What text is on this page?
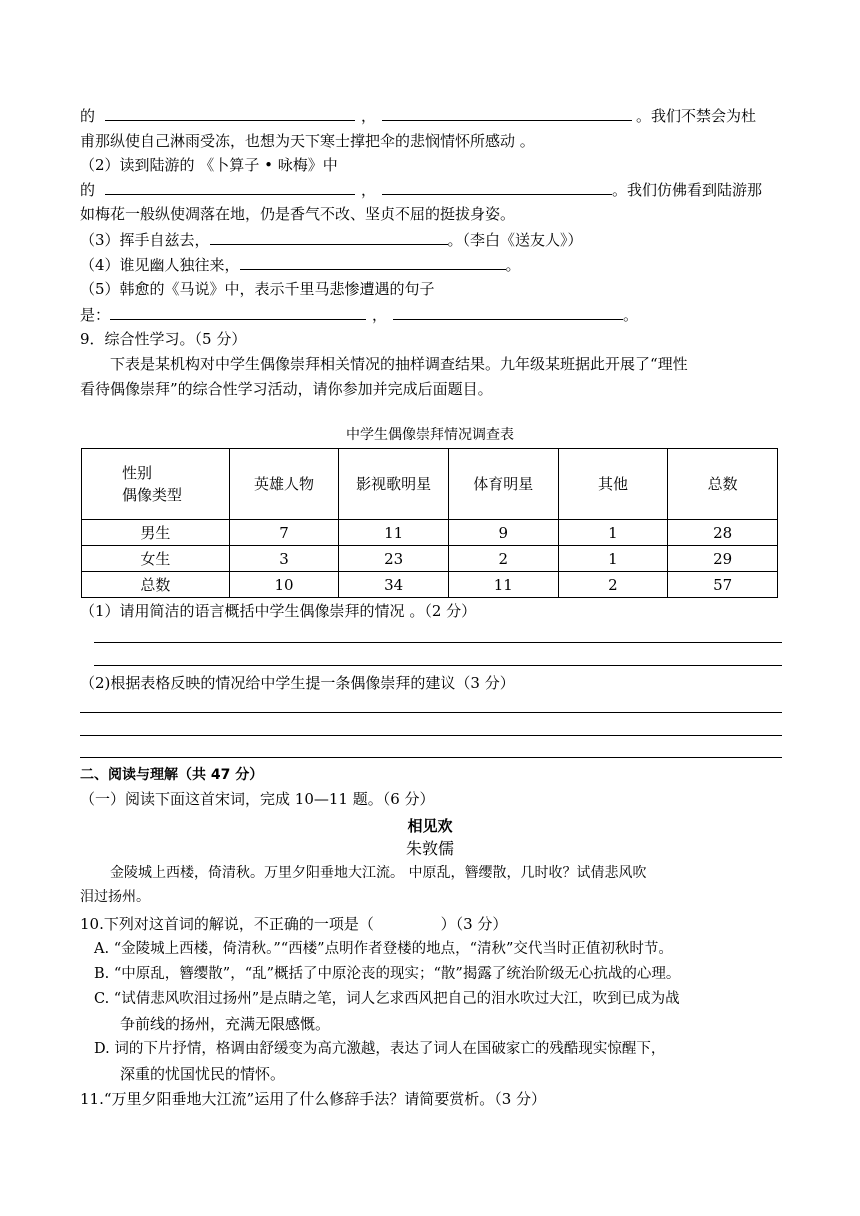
的	，	。我们不禁会为杜
甫那纵使自己淋雨受冻，也想为天下寒士撑把伞的悲悯情怀所感动 。
（2）读到陆游的 《卜算子 • 咏梅》中
的	，	。我们仿佛看到陆游那
如梅花一般纵使凋落在地，仍是香气不改、坚贞不屈的挺拔身姿。
（3）挥手自兹去，	。（李白《送友人》）
（4）谁见幽人独往来，	。
（5）韩愈的《马说》中，表示千里马悲惨遭遇的句子
是：	，	。
9．综合性学习。（5 分）
下表是某机构对中学生偶像崇拜相关情况的抽样调查结果。九年级某班据此开展了“理性
看待偶像崇拜”的综合性学习活动，请你参加并完成后面题目。
中学生偶像崇拜情况调查表
性别
偶像类型	英雄人物	影视歌明星	体育明星	其他	总数
男生	7	11	9	1	28
女生	3	23	2	1	29
总数	10	34	11	2	57
（1）请用简洁的语言概括中学生偶像崇拜的情况 。（2 分）
（2)根据表格反映的情况给中学生提一条偶像崇拜的建议（3 分）
二、阅读与理解（共 47 分）
（一）阅读下面这首宋词，完成 10—11 题。（6 分）
相见欢
朱敦儒
金陵城上西楼，倚清秋。万里夕阳垂地大江流。 中原乱，簪缨散，几时收？试倩悲风吹
泪过扬州。
10.下列对这首词的解说，不正确的一项是（              ）（3 分）
A. “金陵城上西楼，倚清秋。”“西楼”点明作者登楼的地点，“清秋”交代当时正值初秋时节。
B. “中原乱，簪缨散”，“乱”概括了中原沦丧的现实；“散”揭露了统治阶级无心抗战的心理。
C. “试倩悲风吹泪过扬州”是点睛之笔，词人乞求西风把自己的泪水吹过大江，吹到已成为战
争前线的扬州，充满无限感慨。
D. 词的下片抒情，格调由舒缓变为高亢激越，表达了词人在国破家亡的残酷现实惊醒下，
深重的忧国忧民的情怀。
11.“万里夕阳垂地大江流”运用了什么修辞手法？请简要赏析。（3 分）
